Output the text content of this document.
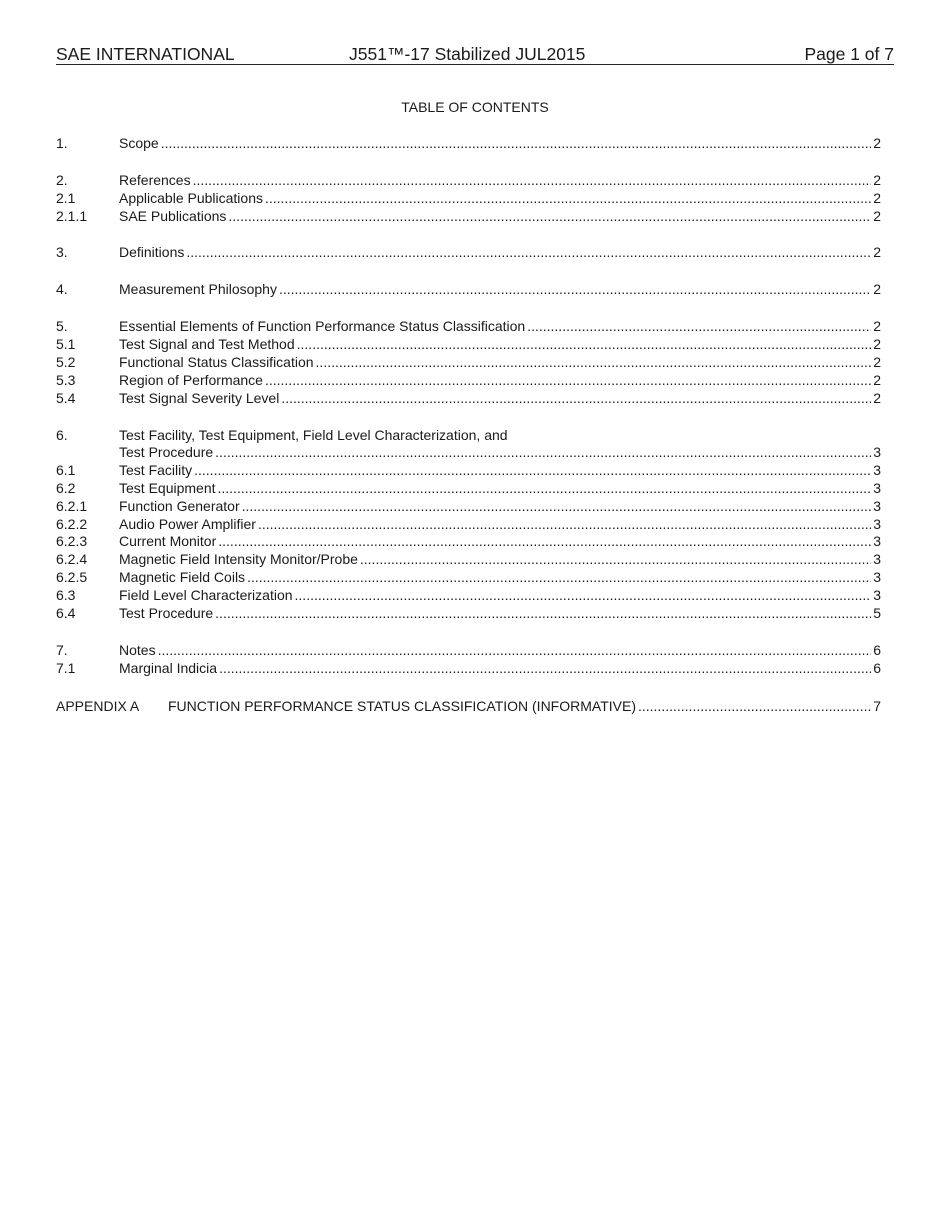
SAE INTERNATIONAL	J551™-17 Stabilized JUL2015	Page 1 of 7
TABLE OF CONTENTS
1.	Scope .....	2
2.	References .....	2
2.1	Applicable Publications .....	2
2.1.1 SAE Publications .....	2
3.	Definitions .....	2
4.	Measurement Philosophy .....	2
5.	Essential Elements of Function Performance Status Classification .....	2
5.1	Test Signal and Test Method .....	2
5.2	Functional Status Classification .....	2
5.3	Region of Performance .....	2
5.4	Test Signal Severity Level .....	2
6.	Test Facility, Test Equipment, Field Level Characterization, and
Test Procedure .....	3
6.1	Test Facility .....	3
6.2	Test Equipment .....	3
6.2.1 Function Generator .....	3
6.2.2 Audio Power Amplifier .....	3
6.2.3 Current Monitor .....	3
6.2.4 Magnetic Field Intensity Monitor/Probe .....	3
6.2.5 Magnetic Field Coils .....	3
6.3	Field Level Characterization .....	3
6.4	Test Procedure .....	5
7.	Notes .....	6
7.1	Marginal Indicia .....	6
APPENDIX A FUNCTION PERFORMANCE STATUS CLASSIFICATION (INFORMATIVE) .....	7
